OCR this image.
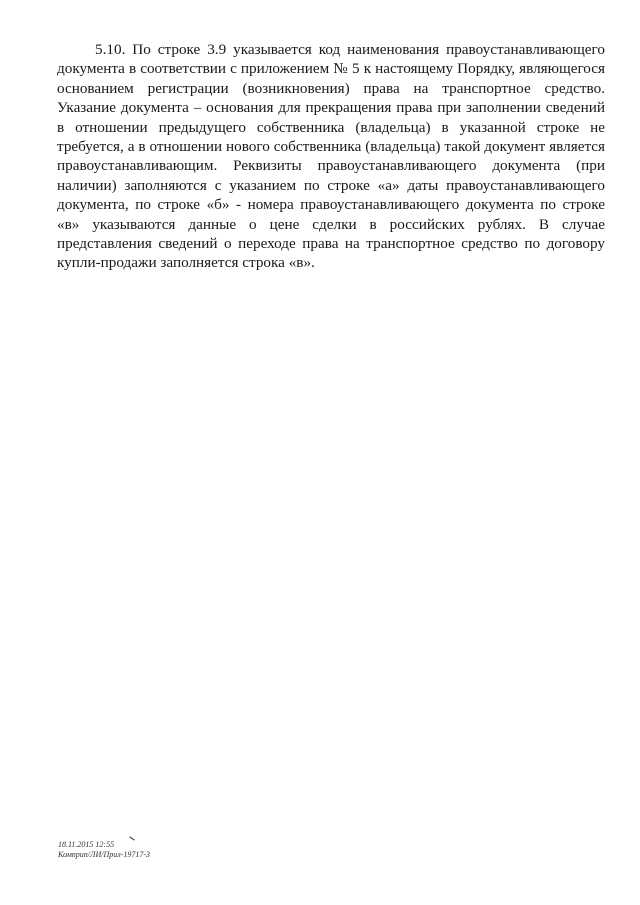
5.10. По строке 3.9 указывается код наименования правоустанавливающего документа в соответствии с приложением № 5 к настоящему Порядку, являющегося основанием регистрации (возникновения) права на транспортное средство. Указание документа – основания для прекращения права при заполнении сведений в отношении предыдущего собственника (владельца) в указанной строке не требуется, а в отношении нового собственника (владельца) такой документ является правоустанавливающим. Реквизиты правоустанавливающего документа (при наличии) заполняются с указанием по строке «а» даты правоустанавливающего документа, по строке «б» - номера правоустанавливающего документа по строке «в» указываются данные о цене сделки в российских рублях. В случае представления сведений о переходе права на транспортное средство по договору купли-продажи заполняется строка «в».

18.11.2015 12:55
Комприп/ЛИ/Прил-19717-3
